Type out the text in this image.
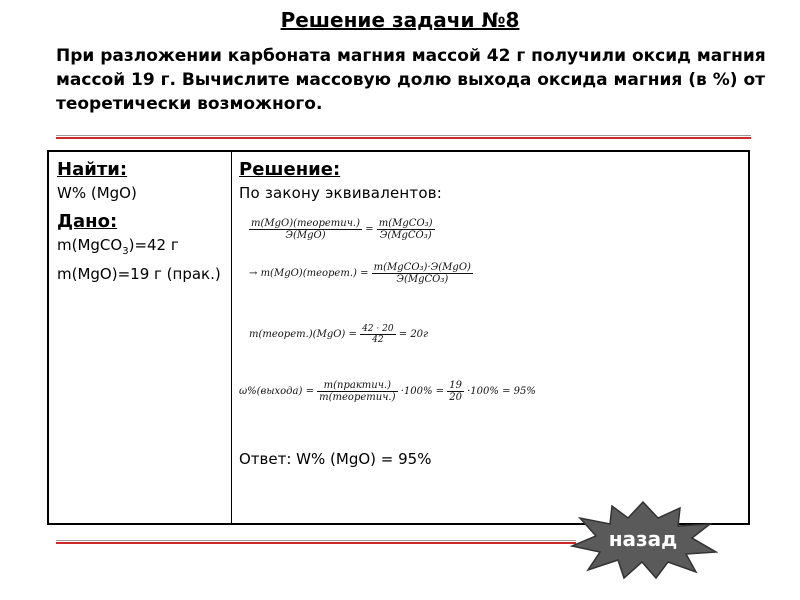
Решение задачи №8
При разложении карбоната магния массой 42 г получили оксид магния массой 19 г. Вычислите массовую долю выхода оксида магния (в %) от теоретически возможного.
Найти:
W% (MgO)
Дано:
m(MgCO$_3$)=42 г
m(MgO)=19 г (прак.)
Решение:
По закону эквивалентов:
$\frac{\text{m(MgO)(теоретич.)}}{\text{Э(MgO)}} = \frac{\text{m(MgCO₃)}}{\text{Э(MgCO₃)}}$
→ m(MgO)(теорет.) = $\frac{\text{m(MgCO₃)·Э(MgO)}}{\text{Э(MgCO₃)}}$
m(теорет.)(MgO) = $\frac{42 \cdot 20}{42} = 20г$
ω%(выхода) = $\frac{\text{m(практич.)}}{\text{m(теоретич.)}} \cdot 100\% = \frac{19}{20} \cdot 100\% = 95\%$
Ответ: W% (MgO) = 95%
назад
